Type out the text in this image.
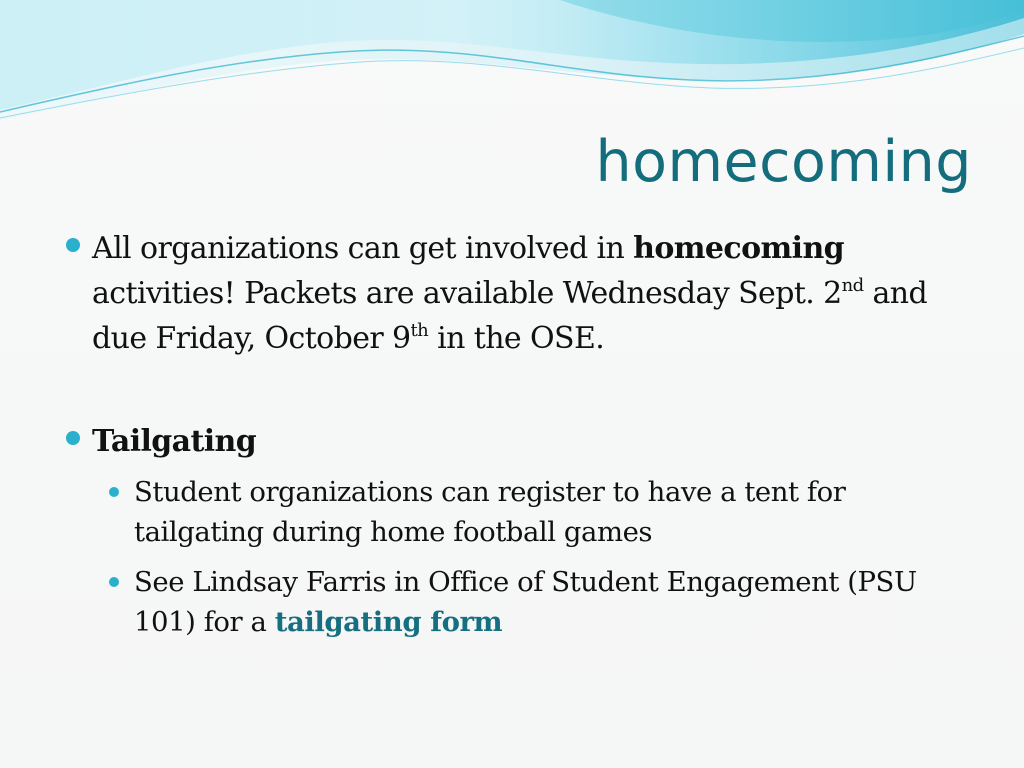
homecoming
All organizations can get involved in homecoming activities! Packets are available Wednesday Sept. 2nd and due Friday, October 9th in the OSE.
Tailgating
Student organizations can register to have a tent for tailgating during home football games
See Lindsay Farris in Office of Student Engagement (PSU 101) for a tailgating form
